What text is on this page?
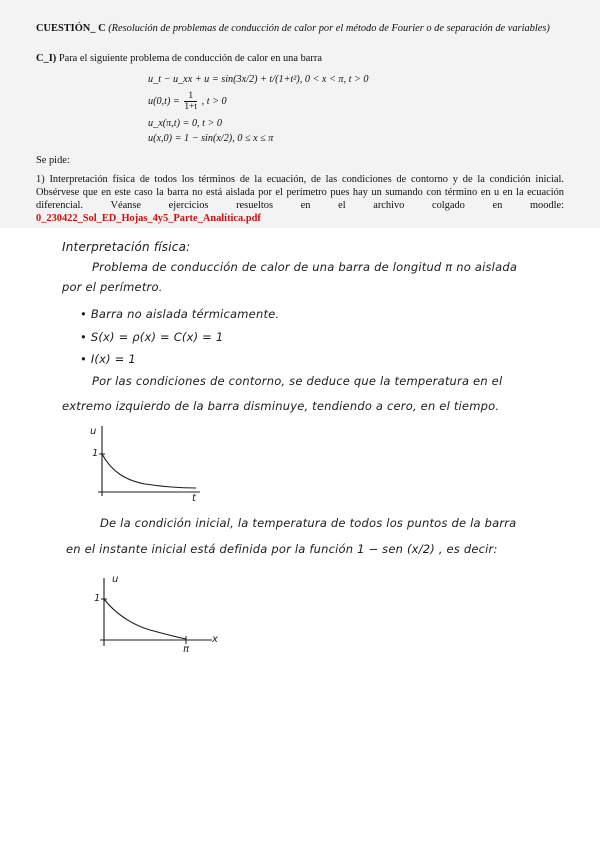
CUESTIÓN_ C (Resolución de problemas de conducción de calor por el método de Fourier o de separación de variables)
C_I) Para el siguiente problema de conducción de calor en una barra
u_t − u_xx + u = sin(3x/2) + t/(1+t²), 0 < x < π, t > 0
$u(0,t) = \frac{1}{1+t}$ , t > 0
u_x(π,t) = 0, t > 0
u(x,0) = 1 − sin(x/2), 0 ≤ x ≤ π
Se pide:
1) Interpretación física de todos los términos de la ecuación, de las condiciones de contorno y de la condición inicial. Obsérvese que en este caso la barra no está aislada por el perímetro pues hay un sumando con término en u en la ecuación diferencial. Véanse ejercicios resueltos en el archivo colgado en moodle: 0_230422_Sol_ED_Hojas_4y5_Parte_Analítica.pdf
Interpretación física:
Problema de conducción de calor de una barra de longitud π no aislada
por el perímetro.
• Barra no aislada térmicamente.
• S(x) = ρ(x) = C(x) = 1
• I(x) = 1
Por las condiciones de contorno, se deduce que la temperatura en el
extremo izquierdo de la barra disminuye, tendiendo a cero, en el tiempo.
u
1
t
De la condición inicial, la temperatura de todos los puntos de la barra
en el instante inicial está definida por la función 1 − sen (x/2) , es decir:
u
1
x
π
